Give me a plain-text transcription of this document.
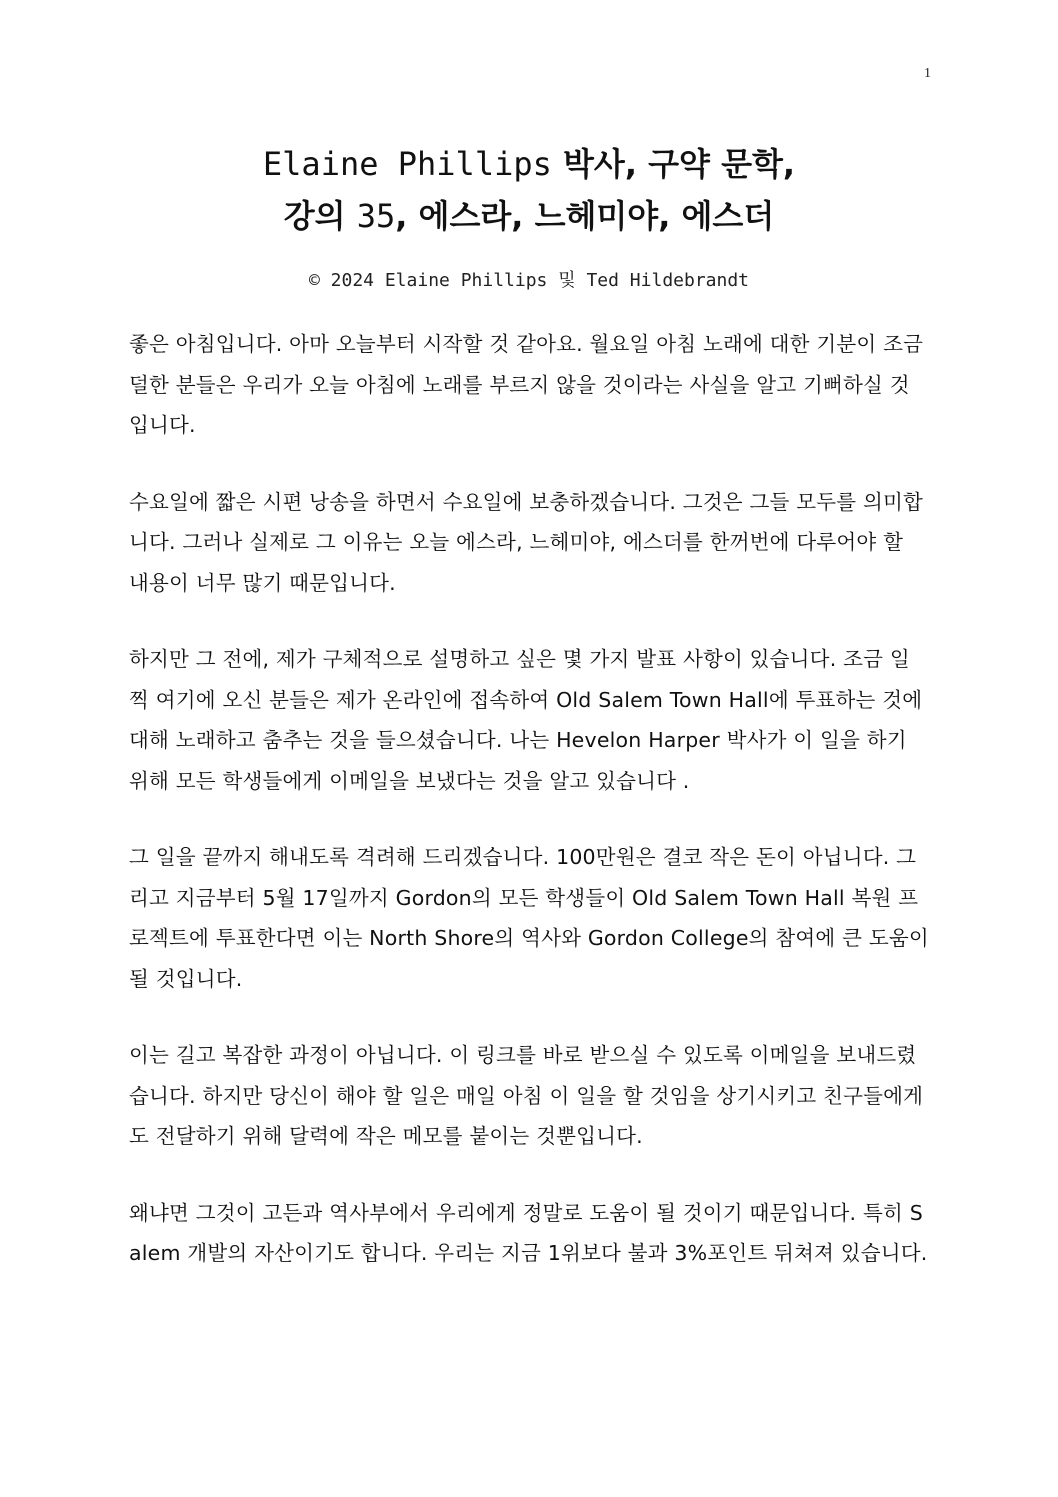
1
Elaine Phillips 박사, 구약 문학,
강의 35, 에스라, 느헤미야, 에스더
© 2024 Elaine Phillips 및 Ted Hildebrandt

좋은 아침입니다. 아마 오늘부터 시작할 것 같아요. 월요일 아침 노래에 대한 기분이 조금 덜한 분들은 우리가 오늘 아침에 노래를 부르지 않을 것이라는 사실을 알고 기뻐하실 것입니다.

수요일에 짧은 시편 낭송을 하면서 수요일에 보충하겠습니다. 그것은 그들 모두를 의미합니다. 그러나 실제로 그 이유는 오늘 에스라, 느헤미야, 에스더를 한꺼번에 다루어야 할 내용이 너무 많기 때문입니다.

하지만 그 전에, 제가 구체적으로 설명하고 싶은 몇 가지 발표 사항이 있습니다. 조금 일찍 여기에 오신 분들은 제가 온라인에 접속하여 Old Salem Town Hall에 투표하는 것에 대해 노래하고 춤추는 것을 들으셨습니다. 나는 Hevelon Harper 박사가 이 일을 하기 위해 모든 학생들에게 이메일을 보냈다는 것을 알고 있습니다 .

그 일을 끝까지 해내도록 격려해 드리겠습니다. 100만원은 결코 작은 돈이 아닙니다. 그리고 지금부터 5월 17일까지 Gordon의 모든 학생들이 Old Salem Town Hall 복원 프로젝트에 투표한다면 이는 North Shore의 역사와 Gordon College의 참여에 큰 도움이 될 것입니다.

이는 길고 복잡한 과정이 아닙니다. 이 링크를 바로 받으실 수 있도록 이메일을 보내드렸습니다. 하지만 당신이 해야 할 일은 매일 아침 이 일을 할 것임을 상기시키고 친구들에게도 전달하기 위해 달력에 작은 메모를 붙이는 것뿐입니다.

왜냐면 그것이 고든과 역사부에서 우리에게 정말로 도움이 될 것이기 때문입니다. 특히 Salem 개발의 자산이기도 합니다. 우리는 지금 1위보다 불과 3%포인트 뒤쳐져 있습니다.
